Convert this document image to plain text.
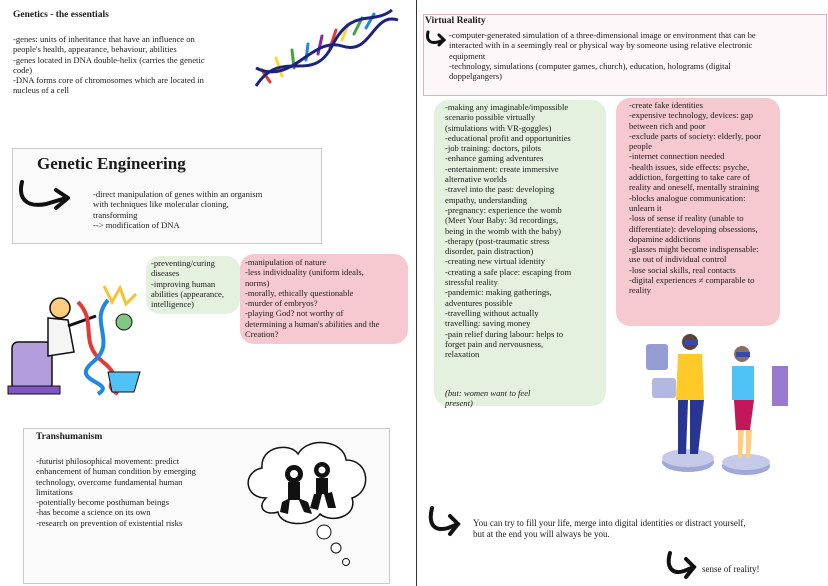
Genetics - the essentials
-genes: units of inheritance that have an influence on
people's health, appearance, behaviour, abilities
-genes located in DNA double-helix (carries the genetic
code)
-DNA forms core of chromosomes which are located in
nucleus of a cell
Genetic Engineering
-direct manipulation of genes within an organism
with techniques like molecular cloning,
transforming
--> modification of DNA
-preventing/curing
diseases
-improving human
abilities (appearance,
intelligence)
-manipulation of nature
-less individuality (uniform ideals,
norms)
-morally, ethically questionable
-murder of embryos?
-playing God? not worthy of
determining a human's abilities and the
Creation?
Transhumanism
-futurist philosophical movement: predict
enhancement of human condition by emerging
technology, overcome fundamental human
limitations
-potentially become posthuman beings
-has become a science on its own
-research on prevention of existential risks
Virtual Reality
-computer-generated simulation of a three-dimensional image or environment that can be
interacted with in a seemingly real or physical way by someone using relative electronic
equipment
-technology, simulations (computer games, church), education, holograms (digital
doppelgangers)
-making any imaginable/impossible
scenario possible virtually
(simulations with VR-goggles)
-educational profit and opportunities
-job training: doctors, pilots
-enhance gaming adventures
-entertainment: create immersive
alternative worlds
-travel into the past: developing
empathy, understanding
-pregnancy: experience the womb
(Meet Your Baby: 3d recordings,
being in the womb with the baby)
-therapy (post-traumatic stress
disorder, pain distraction)
-creating new virtual identity
-creating a safe place: escaping from
stressful reality
-pandemic: making gatherings,
adventures possible
-travelling without actually
travelling: saving money
-pain relief during labour: helps to
forget pain and nervousness,
relaxation
(but: women want to feel
present)
-create fake identities
-expensive technology, devices: gap
between rich and poor
-exclude parts of society: elderly, poor
people
-internet connection needed
-health issues, side effects: psyche,
addiction, forgetting to take care of
reality and oneself, mentally straining
-blocks analogue communication:
unlearn it
-loss of sense if reality (unable to
differentiate): developing obsessions,
dopamine addictions
-glasses might become indispensable:
use out of individual control
-lose social skills, real contacts
-digital experiences ≠ comparable to
reality
You can try to fill your life, merge into digital identities or distract yourself,
but at the end you will always be you.
sense of reality!
